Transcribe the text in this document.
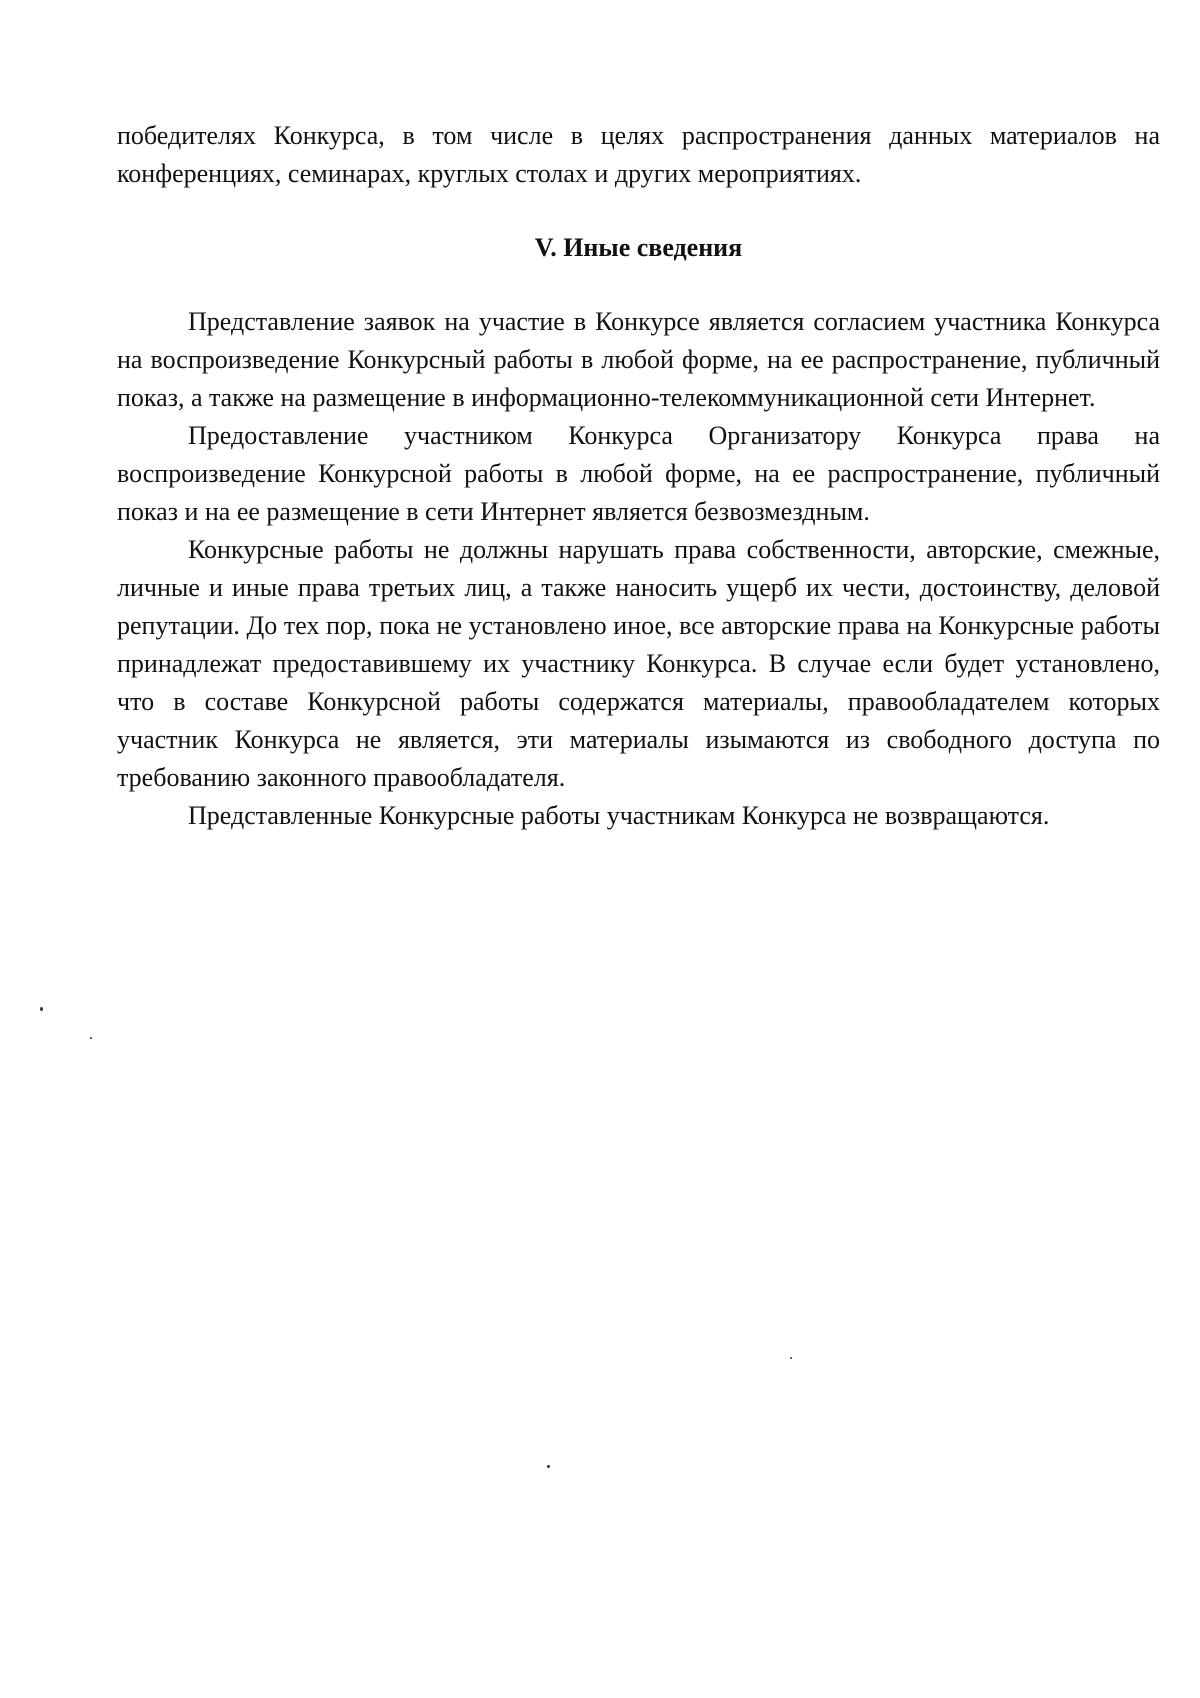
победителях Конкурса, в том числе в целях распространения данных материалов на конференциях, семинарах, круглых столах и других мероприятиях.

V. Иные сведения

Представление заявок на участие в Конкурсе является согласием участника Конкурса на воспроизведение Конкурсный работы в любой форме, на ее распространение, публичный показ, а также на размещение в информационно-телекоммуникационной сети Интернет.

Предоставление участником Конкурса Организатору Конкурса права на воспроизведение Конкурсной работы в любой форме, на ее распространение, публичный показ и на ее размещение в сети Интернет является безвозмездным.

Конкурсные работы не должны нарушать права собственности, авторские, смежные, личные и иные права третьих лиц, а также наносить ущерб их чести, достоинству, деловой репутации. До тех пор, пока не установлено иное, все авторские права на Конкурсные работы принадлежат предоставившему их участнику Конкурса. В случае если будет установлено, что в составе Конкурсной работы содержатся материалы, правообладателем которых участник Конкурса не является, эти материалы изымаются из свободного доступа по требованию законного правообладателя.

Представленные Конкурсные работы участникам Конкурса не возвращаются.
